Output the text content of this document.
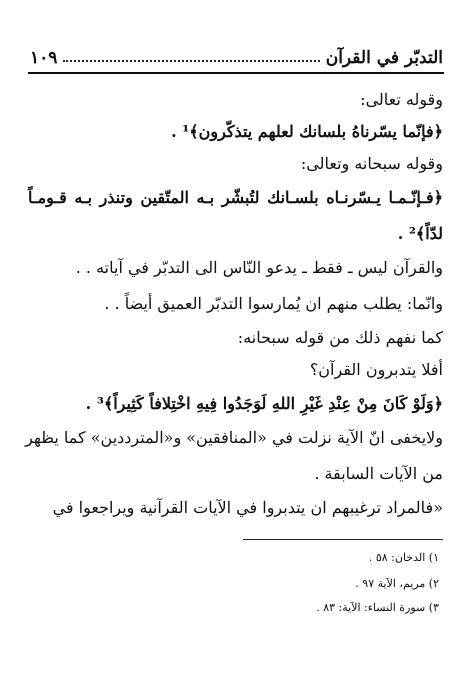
التدبّر في القرآن
١٠٩
وقوله تعالى:
﴿فإنّما يسّرناهُ بلسانك لعلهم يتذكّرون﴾¹ .
وقوله سبحانه وتعالى:
﴿فـإنّـمـا يـسّرنـاه بلسـانك لتُبشّر بـه المتّقين وتنذر بـه قـومـاً
لدّاً﴾² .
والقرآن ليس ـ فقط ـ يدعو النّاس الى التدبّر في آياته . .
وانّما: يطلب منهم ان يُمارسوا التدبّر العميق أيضاً . .
كما نفهم ذلك من قوله سبحانه:
أفلا يتدبرون القرآن؟
﴿وَلَوْ كَانَ مِنْ عِنْدِ غَيْرِ اللهِ لَوَجَدُوا فِيهِ اخْتِلافاً كَثِيراً﴾³ .
ولايخفى انّ الآية نزلت في «المنافقين» و«المترددين» كما يظهر
من الآيات السابقة .
«فالمراد ترغيبهم ان يتدبروا في الآيات القرآنية ويراجعوا في
١) الدخان: ٥٨ .
٢) مريم، الآية ٩٧ .
٣) سورة النساء: الآية: ٨٣ .
